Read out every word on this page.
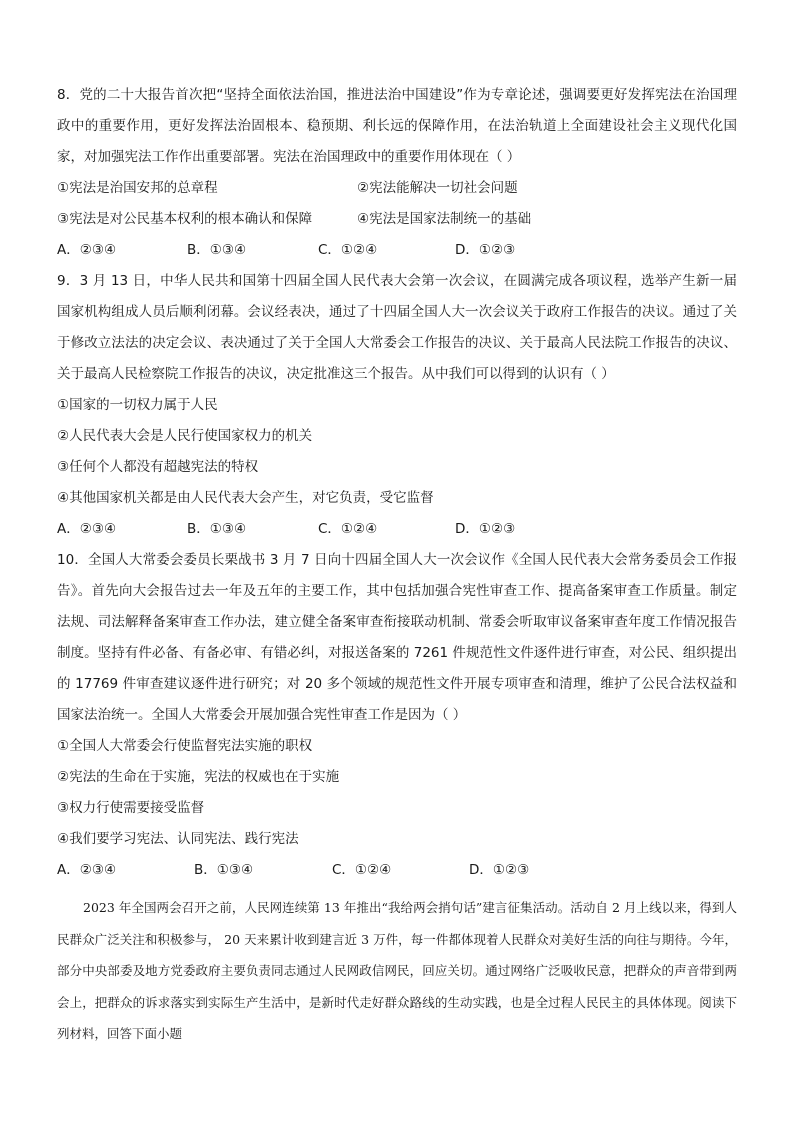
8．党的二十大报告首次把“坚持全面依法治国，推进法治中国建设”作为专章论述，强调要更好发挥宪法在治国理政中的重要作用，更好发挥法治固根本、稳预期、利长远的保障作用，在法治轨道上全面建设社会主义现代化国家，对加强宪法工作作出重要部署。宪法在治国理政中的重要作用体现在（ ）

①宪法是治国安邦的总章程	②宪法能解决一切社会问题
③宪法是对公民基本权利的根本确认和保障	④宪法是国家法制统一的基础
A．②③④	B．①③④	C．①②④	D．①②③

9．3 月 13 日，中华人民共和国第十四届全国人民代表大会第一次会议，在圆满完成各项议程，选举产生新一届国家机构组成人员后顺利闭幕。会议经表决，通过了十四届全国人大一次会议关于政府工作报告的决议。通过了关于修改立法法的决定会议、表决通过了关于全国人大常委会工作报告的决议、关于最高人民法院工作报告的决议、关于最高人民检察院工作报告的决议，决定批准这三个报告。从中我们可以得到的认识有（ ）

①国家的一切权力属于人民
②人民代表大会是人民行使国家权力的机关
③任何个人都没有超越宪法的特权
④其他国家机关都是由人民代表大会产生，对它负责，受它监督
A．②③④	B．①③④	C．①②④	D．①②③

10．全国人大常委会委员长栗战书 3 月 7 日向十四届全国人大一次会议作《全国人民代表大会常务委员会工作报告》。首先向大会报告过去一年及五年的主要工作，其中包括加强合宪性审查工作、提高备案审查工作质量。制定法规、司法解释备案审查工作办法，建立健全备案审查衔接联动机制、常委会听取审议备案审查年度工作情况报告制度。坚持有件必备、有备必审、有错必纠，对报送备案的 7261 件规范性文件逐件进行审查，对公民、组织提出的 17769 件审查建议逐件进行研究；对 20 多个领域的规范性文件开展专项审查和清理，维护了公民合法权益和国家法治统一。全国人大常委会开展加强合宪性审查工作是因为（ ）

①全国人大常委会行使监督宪法实施的职权
②宪法的生命在于实施，宪法的权威也在于实施
③权力行使需要接受监督
④我们要学习宪法、认同宪法、践行宪法
A．②③④	B．①③④	C．①②④	D．①②③

2023 年全国两会召开之前，人民网连续第 13 年推出“我给两会捎句话”建言征集活动。活动自 2 月上线以来，得到人民群众广泛关注和积极参与， 20 天来累计收到建言近 3 万件，每一件都体现着人民群众对美好生活的向往与期待。今年，部分中央部委及地方党委政府主要负责同志通过人民网政信网民，回应关切。通过网络广泛吸收民意，把群众的声音带到两会上，把群众的诉求落实到实际生产生活中，是新时代走好群众路线的生动实践，也是全过程人民民主的具体体现。阅读下列材料，回答下面小题
